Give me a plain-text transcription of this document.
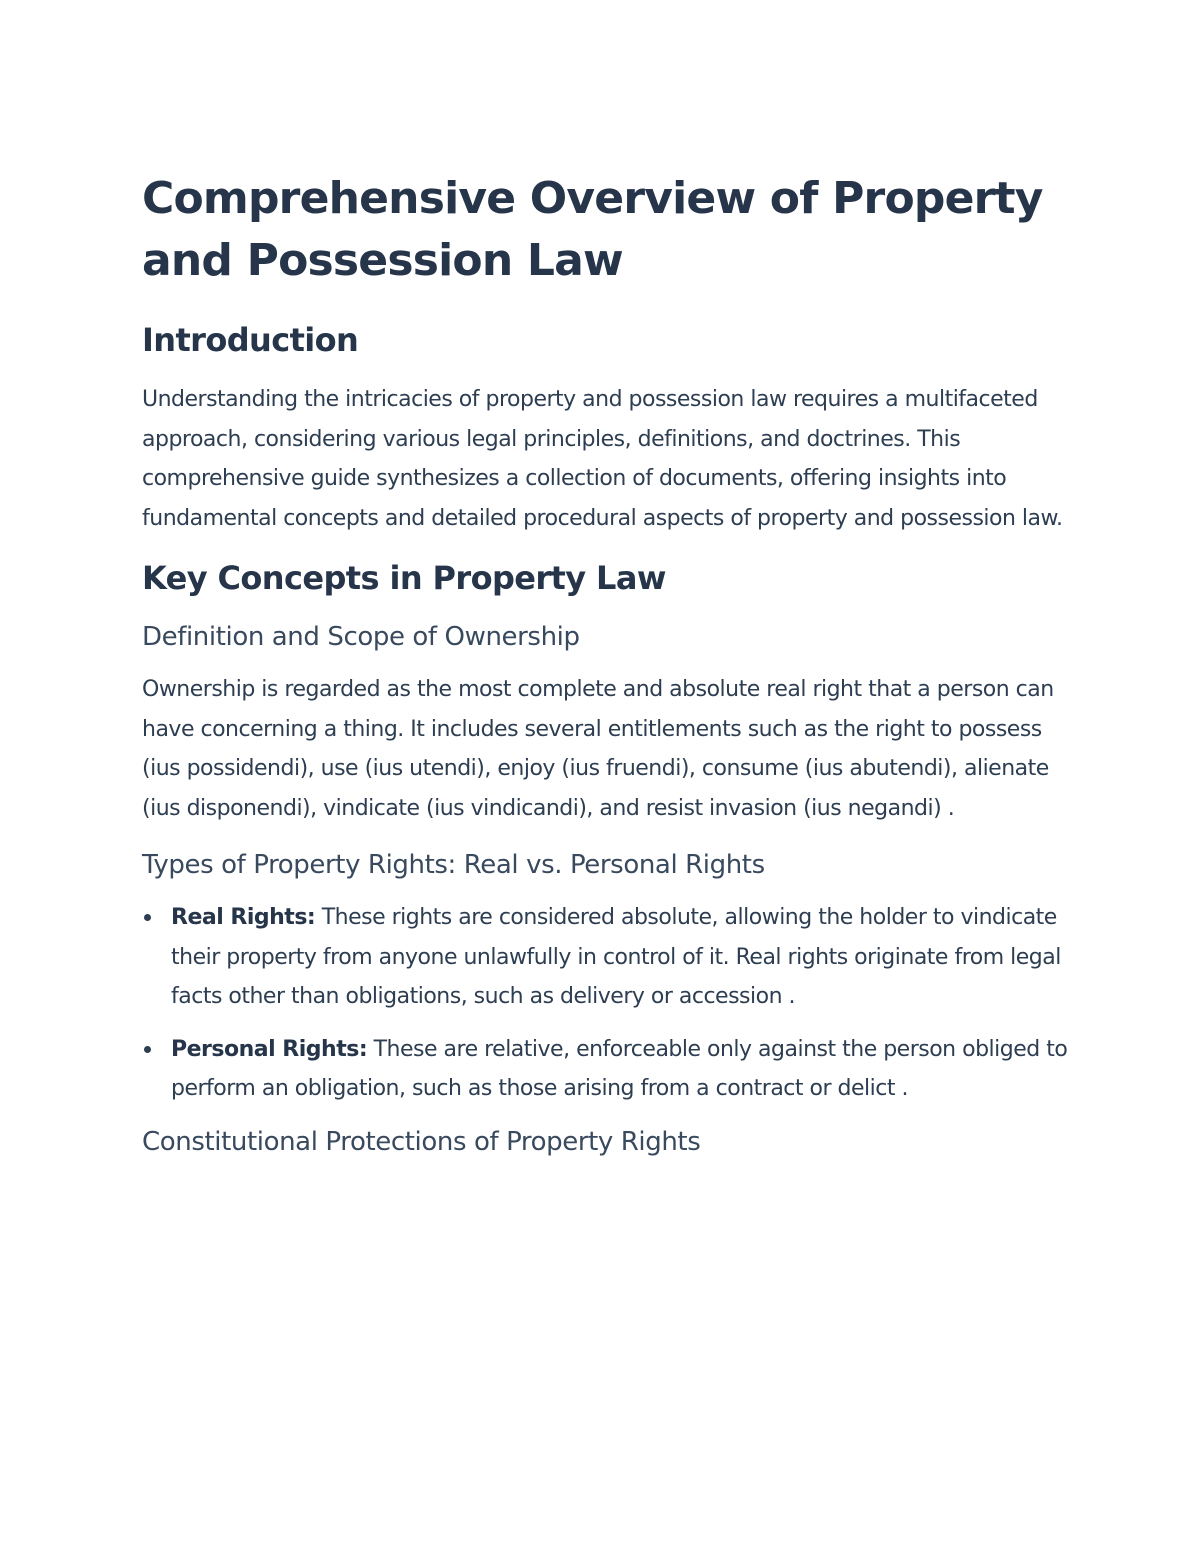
Comprehensive Overview of Property and Possession Law
Introduction

Understanding the intricacies of property and possession law requires a multifaceted approach, considering various legal principles, definitions, and doctrines. This comprehensive guide synthesizes a collection of documents, offering insights into fundamental concepts and detailed procedural aspects of property and possession law.

Key Concepts in Property Law
Definition and Scope of Ownership

Ownership is regarded as the most complete and absolute real right that a person can have concerning a thing. It includes several entitlements such as the right to possess (ius possidendi), use (ius utendi), enjoy (ius fruendi), consume (ius abutendi), alienate (ius disponendi), vindicate (ius vindicandi), and resist invasion (ius negandi) .

Types of Property Rights: Real vs. Personal Rights
Real Rights: These rights are considered absolute, allowing the holder to vindicate their property from anyone unlawfully in control of it. Real rights originate from legal facts other than obligations, such as delivery or accession .
Personal Rights: These are relative, enforceable only against the person obliged to perform an obligation, such as those arising from a contract or delict .
Constitutional Protections of Property Rights
